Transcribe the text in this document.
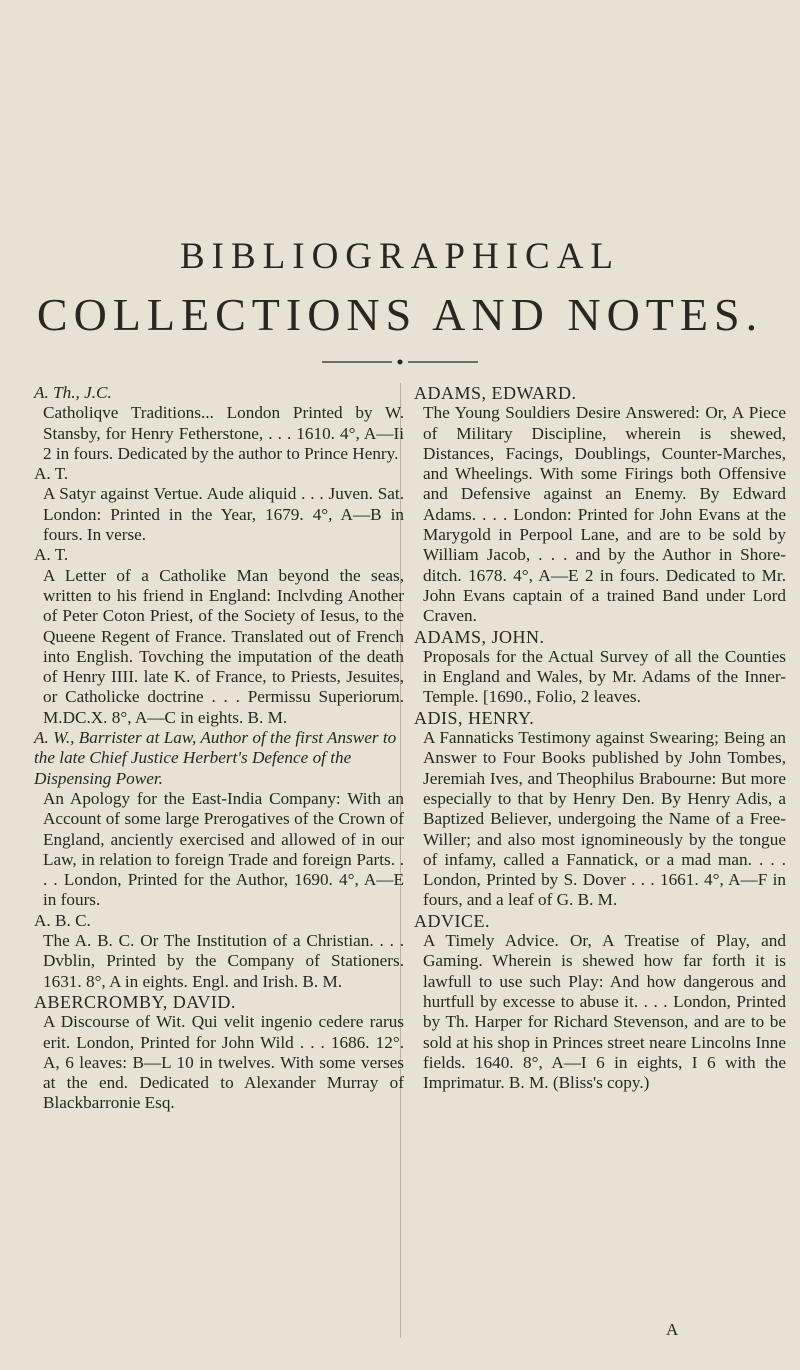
BIBLIOGRAPHICAL
COLLECTIONS AND NOTES.
A. Th., J.C.
Catholiqve Traditions... London Printed by W. Stansby, for Henry Fetherstone, . . . 1610. 4°, A—Ii 2 in fours. Dedicated by the author to Prince Henry.
A. T.
A Satyr against Vertue. Aude aliquid . . . Juven. Sat. London: Printed in the Year, 1679. 4°, A—B in fours. In verse.
A. T.
A Letter of a Catholike Man beyond the seas, written to his friend in England: Inclvding Another of Peter Coton Priest, of the Society of Iesus, to the Queene Regent of France. Translated out of French into English. Tovching the imputation of the death of Henry IIII. late K. of France, to Priests, Jesuites, or Catholicke doctrine . . . Permissu Superiorum. M.DC.X. 8°, A—C in eights. B. M.
A. W., Barrister at Law, Author of the first Answer to the late Chief Justice Herbert's Defence of the Dispensing Power.
An Apology for the East-India Company: With an Account of some large Prerogatives of the Crown of England, anciently exercised and allowed of in our Law, in relation to foreign Trade and foreign Parts. . . . London, Printed for the Author, 1690. 4°, A—E in fours.
A. B. C.
The A. B. C. Or The Institution of a Christian. . . . Dvblin, Printed by the Company of Stationers. 1631. 8°, A in eights. Engl. and Irish. B. M.
ABERCROMBY, DAVID.
A Discourse of Wit. Qui velit ingenio cedere rarus erit. London, Printed for John Wild . . . 1686. 12°. A, 6 leaves: B—L 10 in twelves. With some verses at the end. Dedicated to Alexander Murray of Blackbarronie Esq.
ADAMS, EDWARD.
The Young Souldiers Desire Answered: Or, A Piece of Military Discipline, wherein is shewed, Distances, Facings, Doublings, Counter-Marches, and Wheelings. With some Firings both Offensive and Defensive against an Enemy. By Edward Adams. . . . London: Printed for John Evans at the Marygold in Perpool Lane, and are to be sold by William Jacob, . . . and by the Author in Shore-ditch. 1678. 4°, A—E 2 in fours. Dedicated to Mr. John Evans captain of a trained Band under Lord Craven.
ADAMS, JOHN.
Proposals for the Actual Survey of all the Counties in England and Wales, by Mr. Adams of the Inner-Temple. [1690., Folio, 2 leaves.
ADIS, HENRY.
A Fannaticks Testimony against Swearing; Being an Answer to Four Books published by John Tombes, Jeremiah Ives, and Theophilus Brabourne: But more especially to that by Henry Den. By Henry Adis, a Baptized Believer, undergoing the Name of a Free-Willer; and also most ignomineously by the tongue of infamy, called a Fannatick, or a mad man. . . . London, Printed by S. Dover . . . 1661. 4°, A—F in fours, and a leaf of G. B. M.
ADVICE.
A Timely Advice. Or, A Treatise of Play, and Gaming. Wherein is shewed how far forth it is lawfull to use such Play: And how dangerous and hurtfull by excesse to abuse it. . . . London, Printed by Th. Harper for Richard Stevenson, and are to be sold at his shop in Princes street neare Lincolns Inne fields. 1640. 8°, A—I 6 in eights, I 6 with the Imprimatur. B. M. (Bliss's copy.)
A
